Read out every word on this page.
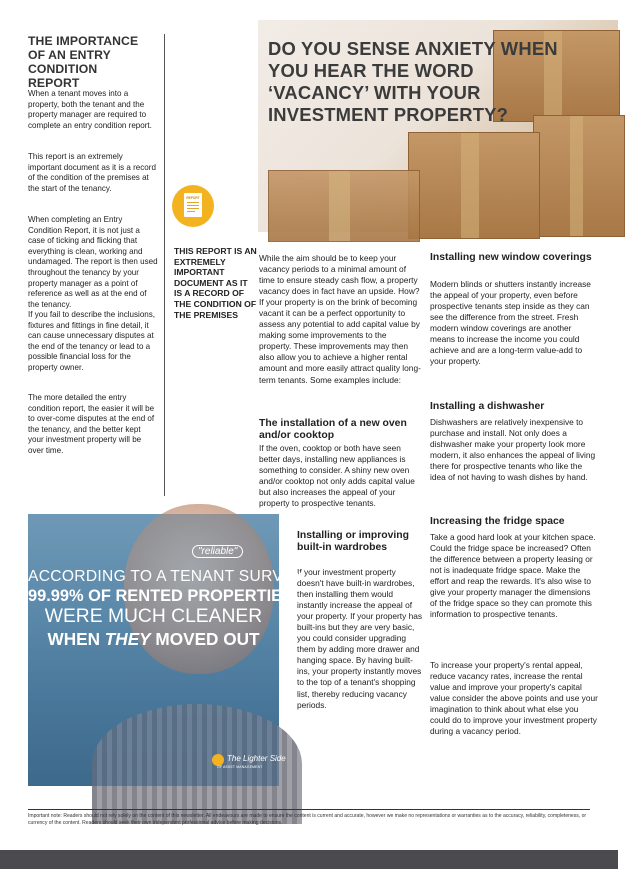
THE IMPORTANCE OF AN ENTRY CONDITION REPORT
When a tenant moves into a property, both the tenant and the property manager are required to complete an entry condition report.
This report is an extremely important document as it is a record of the condition of the premises at the start of the tenancy.
When completing an Entry Condition Report, it is not just a case of ticking and flicking that everything is clean, working and undamaged. The report is then used throughout the tenancy by your property manager as a point of reference as well as at the end of the tenancy.
If you fail to describe the inclusions, fixtures and fittings in fine detail, it can cause unnecessary disputes at the end of the tenancy or lead to a possible financial loss for the property owner.
The more detailed the entry condition report, the easier it will be to over-come disputes at the end of the tenancy, and the better kept your investment property will be over time.
REPORT
THIS REPORT IS AN EXTREMELY IMPORTANT DOCUMENT AS IT IS A RECORD OF THE CONDITION OF THE PREMISES
DO YOU SENSE ANXIETY WHEN YOU HEAR THE WORD ‘VACANCY’ WITH YOUR INVESTMENT PROPERTY?
While the aim should be to keep your vacancy periods to a minimal amount of time to ensure steady cash flow, a property vacancy does in fact have an upside. How? If your property is on the brink of becoming vacant it can be a perfect opportunity to assess any potential to add capital value by making some improvements to the property. These improvements may then also allow you to achieve a higher rental amount and more easily attract quality long-term tenants. Some examples include:
The installation of a new oven and/or cooktop
If the oven, cooktop or both have seen better days, installing new appliances is something to consider. A shiny new oven and/or cooktop not only adds capital value but also increases the appeal of your property to prospective tenants.
Installing or improving built-in wardrobes
If your investment property doesn't have built-in wardrobes, then installing them would instantly increase the appeal of your property. If your property has built-ins but they are very basic, you could consider upgrading them by adding more drawer and hanging space. By having built-ins, your property instantly moves to the top of a tenant's shopping list, thereby reducing vacancy periods.
Installing new window coverings
Modern blinds or shutters instantly increase the appeal of your property, even before prospective tenants step inside as they can see the difference from the street. Fresh modern window coverings are another means to increase the income you could achieve and are a long-term value-add to your property.
Installing a dishwasher
Dishwashers are relatively inexpensive to purchase and install. Not only does a dishwasher make your property look more modern, it also enhances the appeal of living there for prospective tenants who like the idea of not having to wash dishes by hand.
Increasing the fridge space
Take a good hard look at your kitchen space. Could the fridge space be increased? Often the difference between a property leasing or not is inadequate fridge space. Make the effort and reap the rewards. It's also wise to give your property manager the dimensions of the fridge space so they can promote this information to prospective tenants.
To increase your property's rental appeal, reduce vacancy rates, increase the rental value and improve your property's capital value consider the above points and use your imagination to think about what else you could do to improve your investment property during a vacancy period.
"reliable"
ACCORDING TO A TENANT SURVEY
99.99% OF RENTED PROPERTIES
WERE MUCH CLEANER
WHEN THEY MOVED OUT
The Lighter Side
OF ASSET MANAGEMENT
Important note: Readers should not rely solely on the content of this newsletter. All endeavours are made to ensure the content is current and accurate, however we make no representations or warranties as to the accuracy, reliability, completeness, or currency of the content. Readers should seek their own independent professional advice before making decisions.
